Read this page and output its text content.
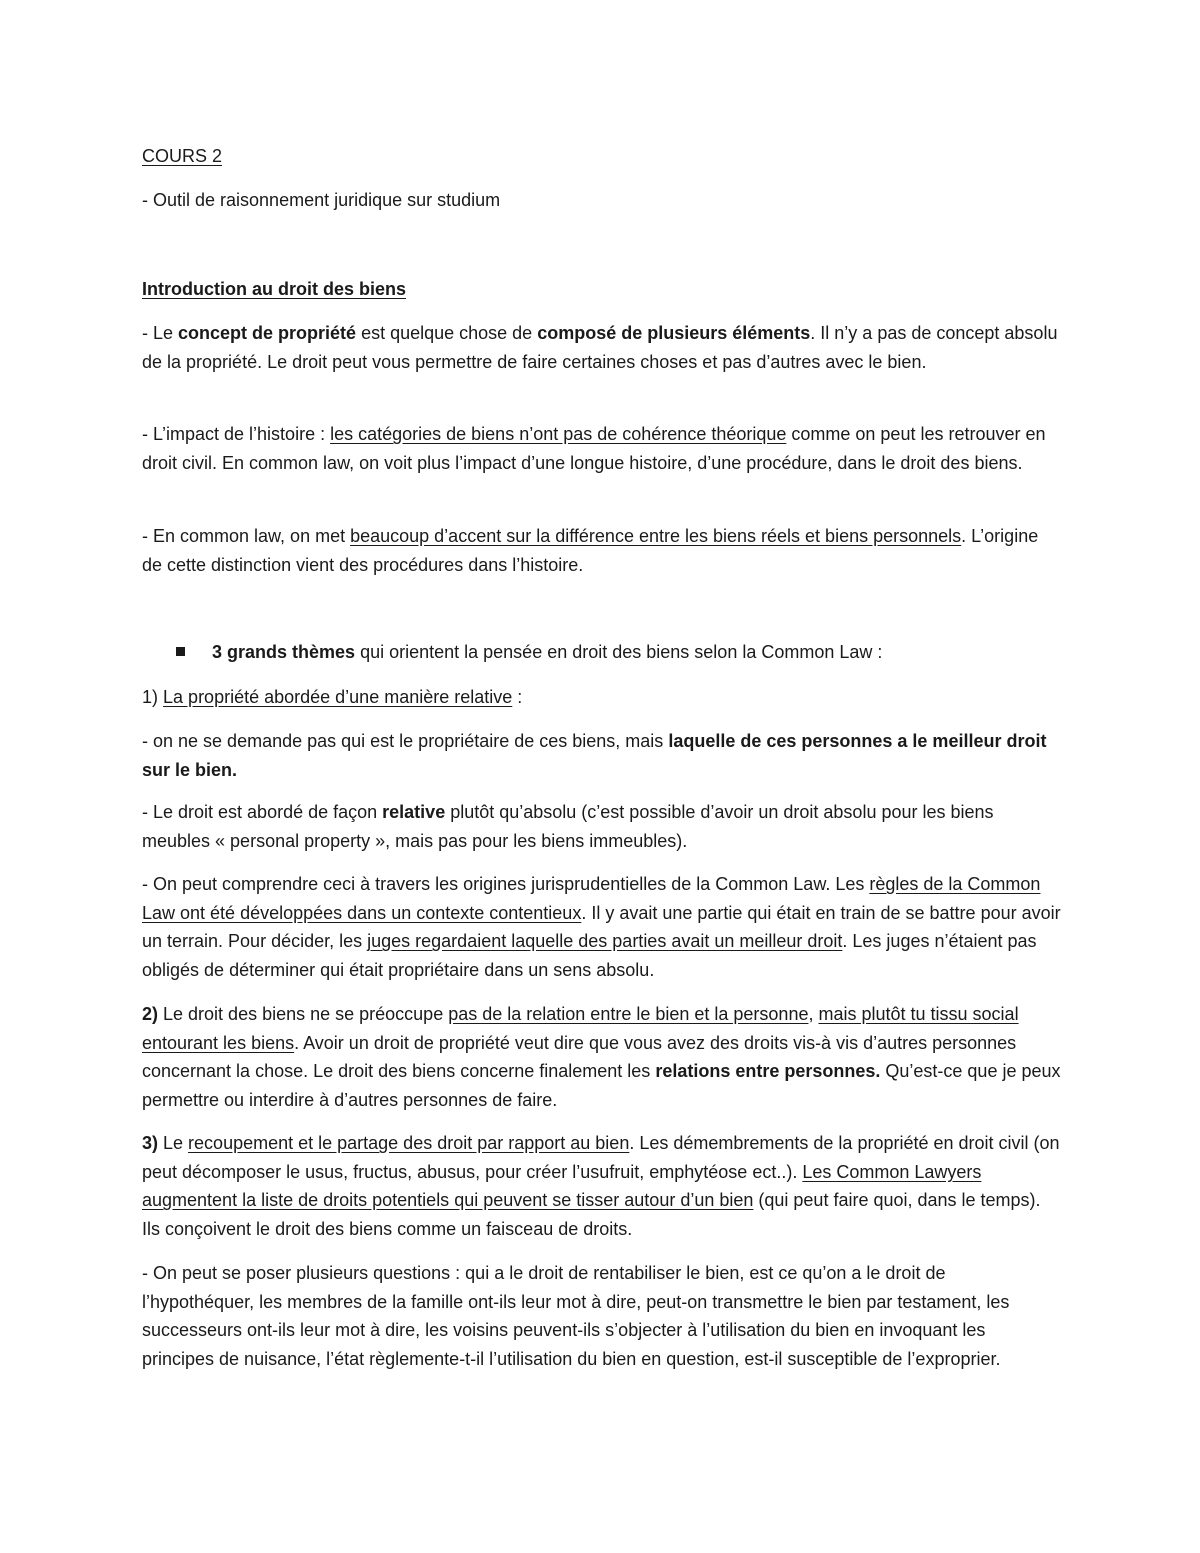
COURS 2

- Outil de raisonnement juridique sur studium

Introduction au droit des biens

- Le concept de propriété est quelque chose de composé de plusieurs éléments. Il n’y a pas de concept absolu de la propriété. Le droit peut vous permettre de faire certaines choses et pas d’autres avec le bien.

- L’impact de l’histoire : les catégories de biens n’ont pas de cohérence théorique comme on peut les retrouver en droit civil. En common law, on voit plus l’impact d’une longue histoire, d’une procédure, dans le droit des biens.

- En common law, on met beaucoup d’accent sur la différence entre les biens réels et biens personnels. L’origine de cette distinction vient des procédures dans l’histoire.

3 grands thèmes qui orientent la pensée en droit des biens selon la Common Law :

1) La propriété abordée d’une manière relative :

- on ne se demande pas qui est le propriétaire de ces biens, mais laquelle de ces personnes a le meilleur droit sur le bien.

- Le droit est abordé de façon relative plutôt qu’absolu (c’est possible d’avoir un droit absolu pour les biens meubles « personal property », mais pas pour les biens immeubles).

- On peut comprendre ceci à travers les origines jurisprudentielles de la Common Law. Les règles de la Common Law ont été développées dans un contexte contentieux. Il y avait une partie qui était en train de se battre pour avoir un terrain. Pour décider, les juges regardaient laquelle des parties avait un meilleur droit. Les juges n’étaient pas obligés de déterminer qui était propriétaire dans un sens absolu.

2) Le droit des biens ne se préoccupe pas de la relation entre le bien et la personne, mais plutôt tu tissu social entourant les biens. Avoir un droit de propriété veut dire que vous avez des droits vis-à vis d’autres personnes concernant la chose. Le droit des biens concerne finalement les relations entre personnes. Qu’est-ce que je peux permettre ou interdire à d’autres personnes de faire.

3) Le recoupement et le partage des droit par rapport au bien. Les démembrements de la propriété en droit civil (on peut décomposer le usus, fructus, abusus, pour créer l’usufruit, emphytéose ect..). Les Common Lawyers augmentent la liste de droits potentiels qui peuvent se tisser autour d’un bien (qui peut faire quoi, dans le temps). Ils conçoivent le droit des biens comme un faisceau de droits.

- On peut se poser plusieurs questions : qui a le droit de rentabiliser le bien, est ce qu’on a le droit de l’hypothéquer, les membres de la famille ont-ils leur mot à dire, peut-on transmettre le bien par testament, les successeurs ont-ils leur mot à dire, les voisins peuvent-ils s’objecter à l’utilisation du bien en invoquant les principes de nuisance, l’état règlemente-t-il l’utilisation du bien en question, est-il susceptible de l’exproprier.
